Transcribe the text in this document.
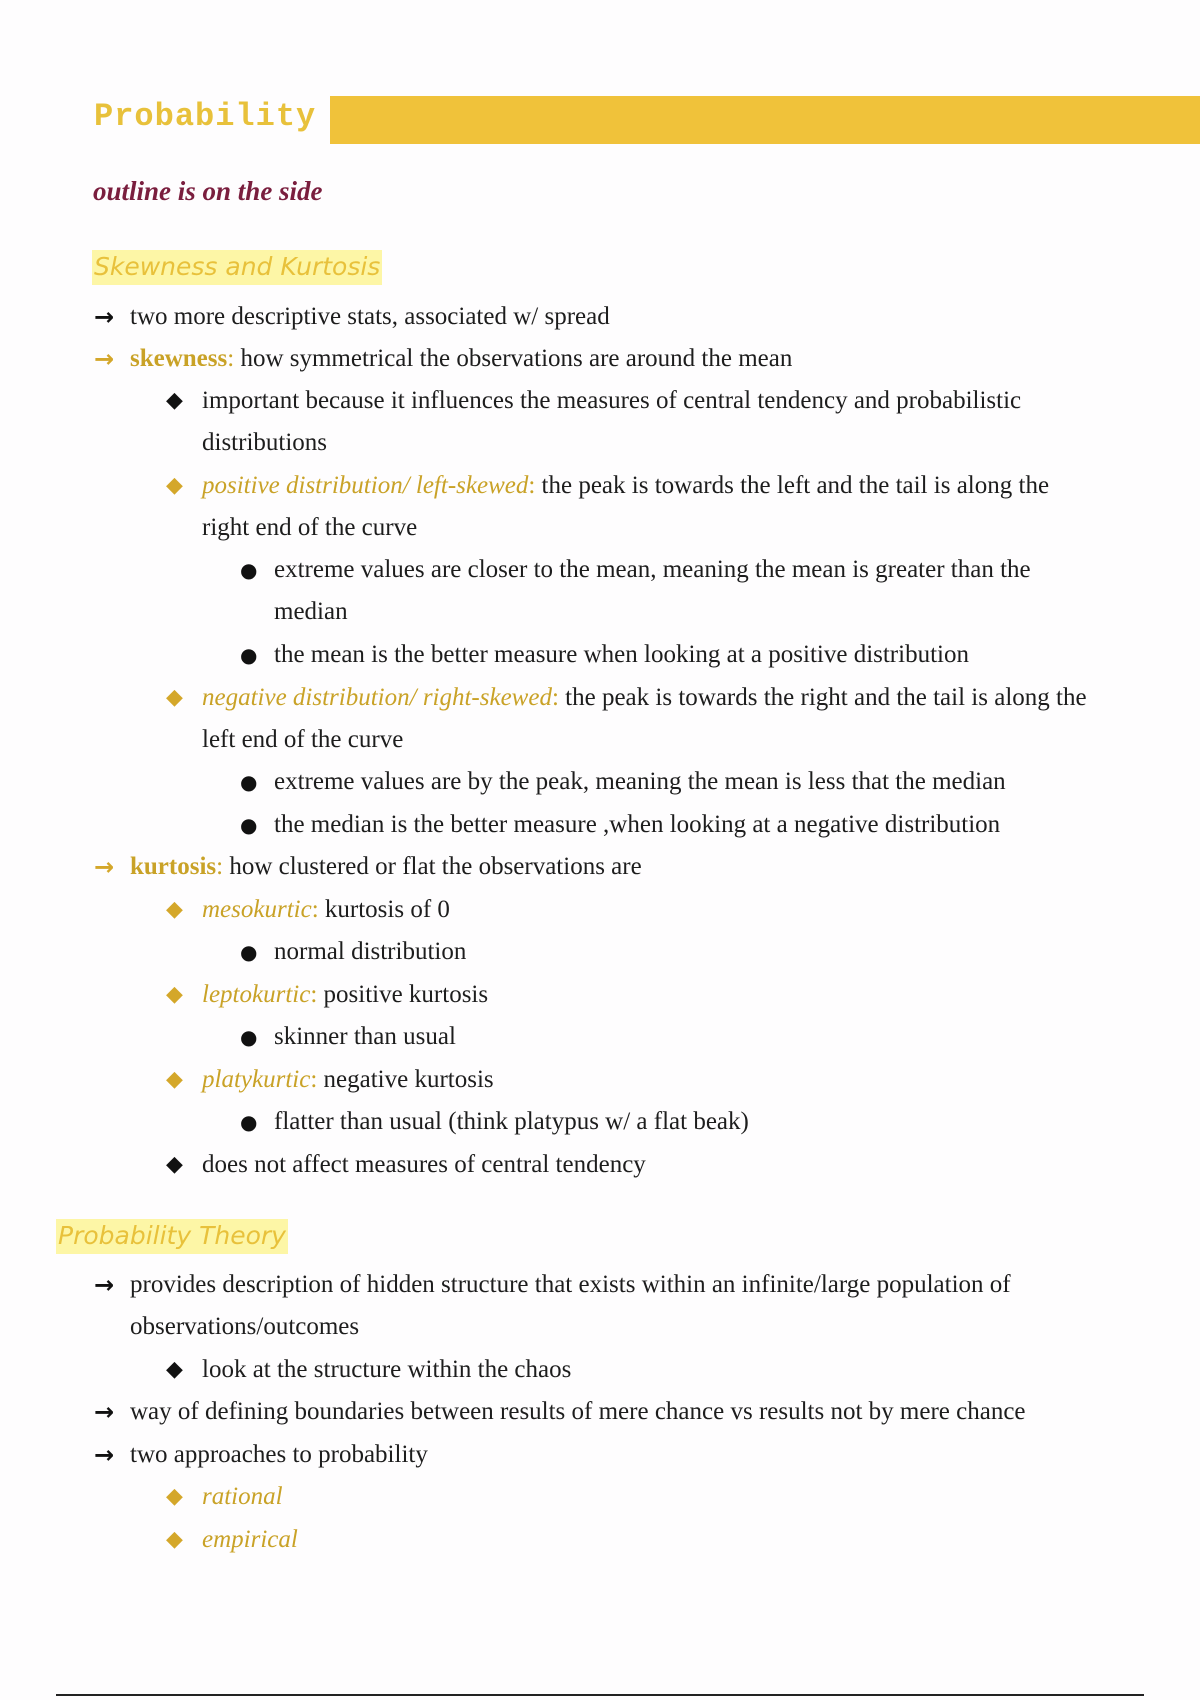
Probability
outline is on the side
Skewness and Kurtosis
→ two more descriptive stats, associated w/ spread
→ skewness: how symmetrical the observations are around the mean
◆ important because it influences the measures of central tendency and probabilistic
distributions
◆ positive distribution/ left-skewed: the peak is towards the left and the tail is along the
right end of the curve
● extreme values are closer to the mean, meaning the mean is greater than the
median
● the mean is the better measure when looking at a positive distribution
◆ negative distribution/ right-skewed: the peak is towards the right and the tail is along the
left end of the curve
● extreme values are by the peak, meaning the mean is less that the median
● the median is the better measure ,when looking at a negative distribution
→ kurtosis: how clustered or flat the observations are
◆ mesokurtic: kurtosis of 0
● normal distribution
◆ leptokurtic: positive kurtosis
● skinner than usual
◆ platykurtic: negative kurtosis
● flatter than usual (think platypus w/ a flat beak)
◆ does not affect measures of central tendency
Probability Theory
→ provides description of hidden structure that exists within an infinite/large population of
observations/outcomes
◆ look at the structure within the chaos
→ way of defining boundaries between results of mere chance vs results not by mere chance
→ two approaches to probability
◆ rational
◆ empirical
